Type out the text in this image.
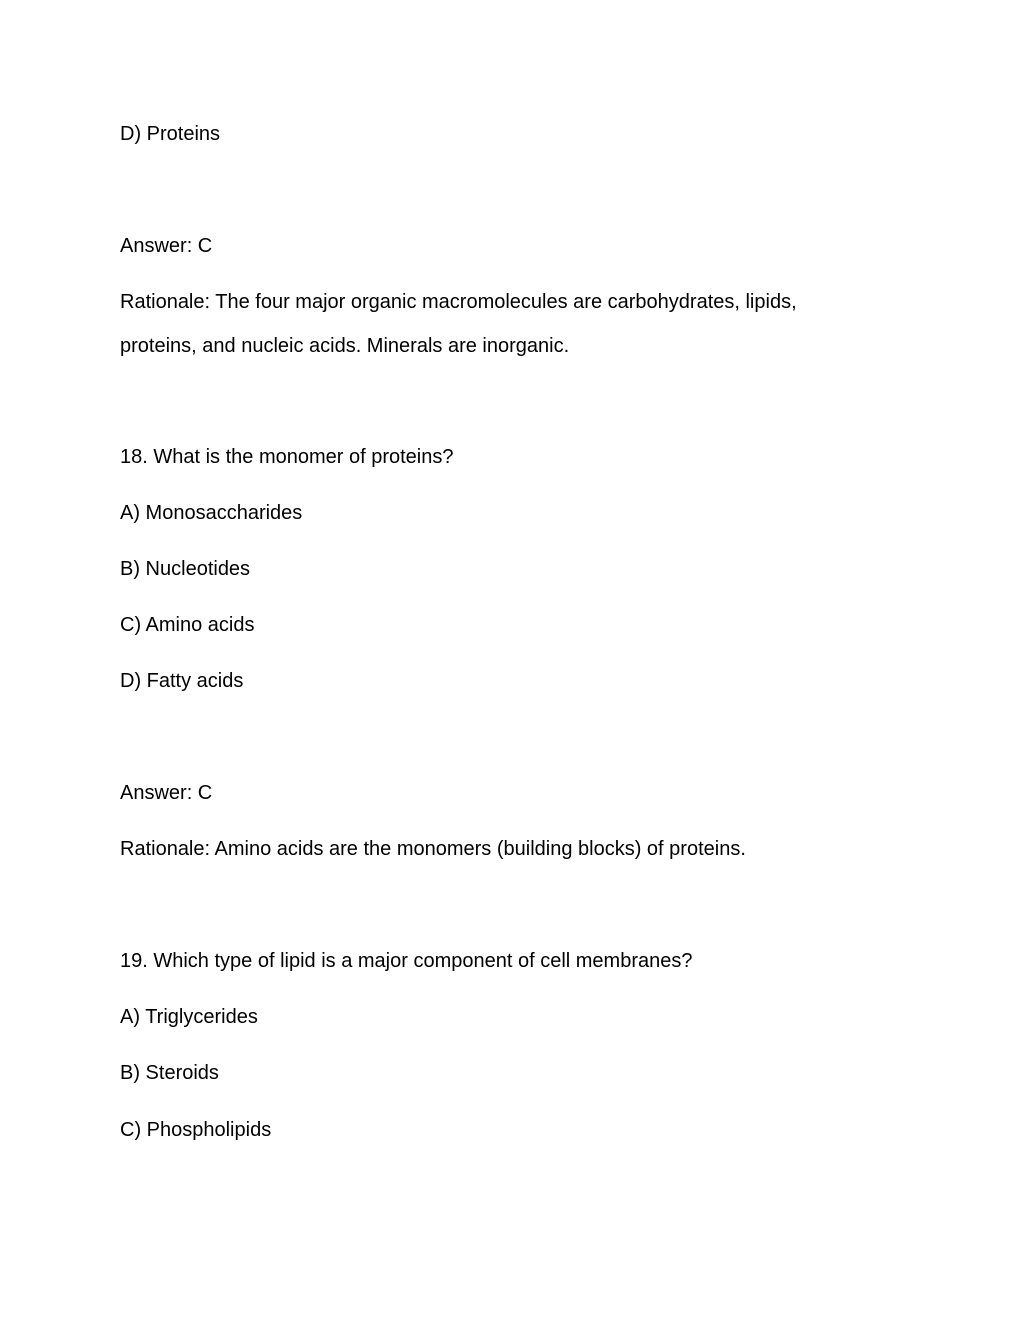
D) Proteins
Answer: C
Rationale: The four major organic macromolecules are carbohydrates, lipids,
proteins, and nucleic acids. Minerals are inorganic.
18. What is the monomer of proteins?
A) Monosaccharides
B) Nucleotides
C) Amino acids
D) Fatty acids
Answer: C
Rationale: Amino acids are the monomers (building blocks) of proteins.
19. Which type of lipid is a major component of cell membranes?
A) Triglycerides
B) Steroids
C) Phospholipids
